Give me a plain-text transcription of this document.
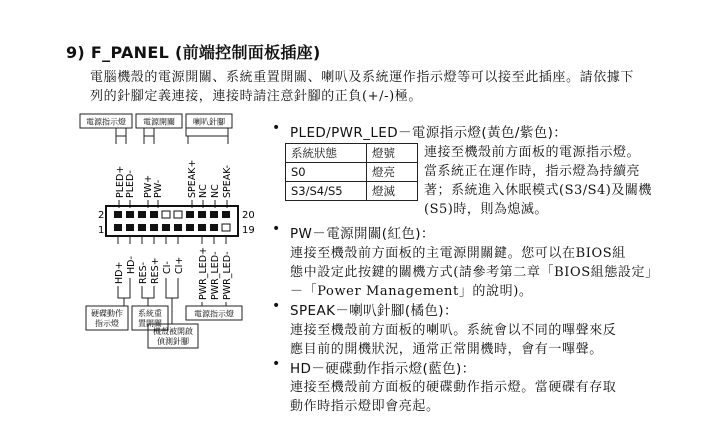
9) F_PANEL (前端控制面板插座)
電腦機殼的電源開關、系統重置開關、喇叭及系統運作指示燈等可以接至此插座。請依據下
列的針腳定義連接，連接時請注意針腳的正負(+/-)極。
電源指示燈 電源開關 喇叭針腳
PLED+ PLED- PW+ PW- SPEAK+ NC NC SPEAK-
2
1
20
19
HD+ HD- RES- RES+ CI- CI+ PWR_LED+ PWR_LED- PWR_LED-
硬碟動作
指示燈
系統重
置開關
機殼被開啟
偵測針腳
電源指示燈
• PLED/PWR_LED－電源指示燈(黃色/紫色)：
系統狀態	燈號
S0	燈亮
S3/S4/S5	燈滅
連接至機殼前方面板的電源指示燈。
當系統正在運作時，指示燈為持續亮
著；系統進入休眠模式(S3/S4)及關機
(S5)時，則為熄滅。
• PW－電源開關(紅色)：
連接至機殼前方面板的主電源開關鍵。您可以在BIOS組
態中設定此按鍵的關機方式(請參考第二章「BIOS組態設定」
－「Power Management」的說明)。
• SPEAK－喇叭針腳(橘色)：
連接至機殼前方面板的喇叭。系統會以不同的嗶聲來反
應目前的開機狀況，通常正常開機時，會有一嗶聲。
• HD－硬碟動作指示燈(藍色)：
連接至機殼前方面板的硬碟動作指示燈。當硬碟有存取
動作時指示燈即會亮起。
